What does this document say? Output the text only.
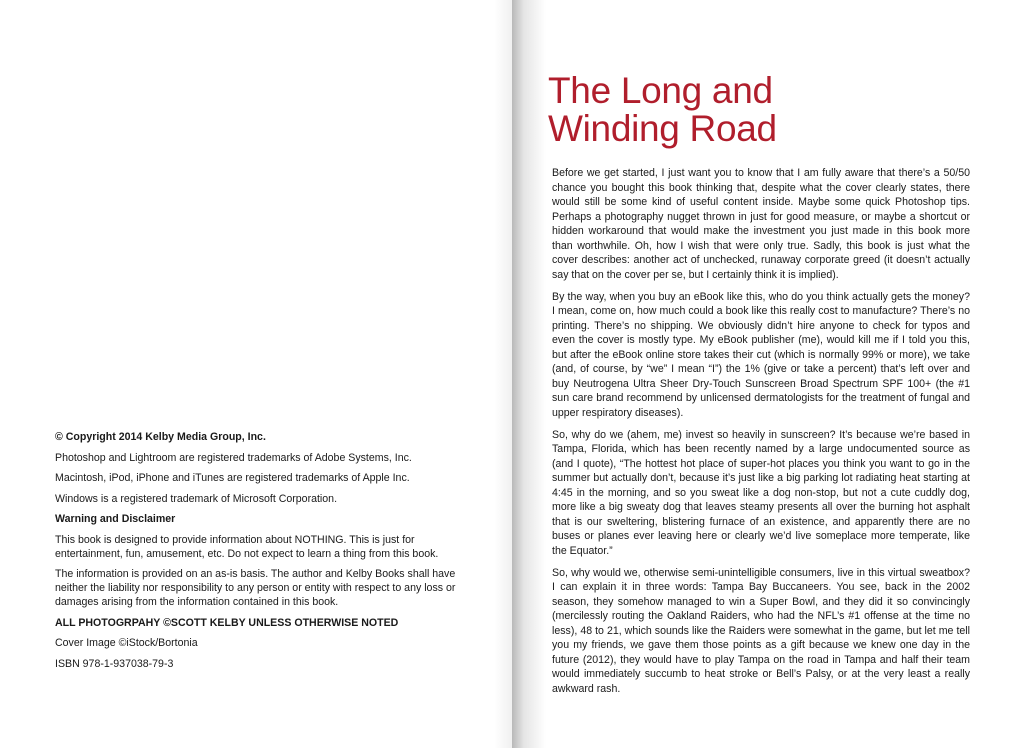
© Copyright 2014 Kelby Media Group, Inc.

Photoshop and Lightroom are registered trademarks of Adobe Systems, Inc.

Macintosh, iPod, iPhone and iTunes are registered trademarks of Apple Inc.

Windows is a registered trademark of Microsoft Corporation.

Warning and Disclaimer

This book is designed to provide information about NOTHING. This is just for entertainment, fun, amusement, etc. Do not expect to learn a thing from this book.

The information is provided on an as-is basis. The author and Kelby Books shall have neither the liability nor responsibility to any person or entity with respect to any loss or damages arising from the information contained in this book.

ALL PHOTOGRPAHY ©SCOTT KELBY UNLESS OTHERWISE NOTED

Cover Image ©iStock/Bortonia

ISBN 978-1-937038-79-3

The Long and
Winding Road

Before we get started, I just want you to know that I am fully aware that there’s a 50/50 chance you bought this book thinking that, despite what the cover clearly states, there would still be some kind of useful content inside. Maybe some quick Photoshop tips. Perhaps a photography nugget thrown in just for good measure, or maybe a shortcut or hidden workaround that would make the investment you just made in this book more than worthwhile. Oh, how I wish that were only true. Sadly, this book is just what the cover describes: another act of unchecked, runaway corporate greed (it doesn’t actually say that on the cover per se, but I certainly think it is implied).

By the way, when you buy an eBook like this, who do you think actually gets the money? I mean, come on, how much could a book like this really cost to manufacture? There’s no printing. There’s no shipping. We obviously didn’t hire anyone to check for typos and even the cover is mostly type. My eBook publisher (me), would kill me if I told you this, but after the eBook online store takes their cut (which is normally 99% or more), we take (and, of course, by “we” I mean “I”) the 1% (give or take a percent) that’s left over and buy Neutrogena Ultra Sheer Dry-Touch Sunscreen Broad Spectrum SPF 100+ (the #1 sun care brand recommend by unlicensed dermatologists for the treatment of fungal and upper respiratory diseases).

So, why do we (ahem, me) invest so heavily in sunscreen? It’s because we’re based in Tampa, Florida, which has been recently named by a large undocumented source as (and I quote), “The hottest hot place of super-hot places you think you want to go in the summer but actually don’t, because it’s just like a big parking lot radiating heat starting at 4:45 in the morning, and so you sweat like a dog non-stop, but not a cute cuddly dog, more like a big sweaty dog that leaves steamy presents all over the burning hot asphalt that is our sweltering, blistering furnace of an existence, and apparently there are no buses or planes ever leaving here or clearly we’d live someplace more temperate, like the Equator.”

So, why would we, otherwise semi-unintelligible consumers, live in this virtual sweatbox? I can explain it in three words: Tampa Bay Buccaneers. You see, back in the 2002 season, they somehow managed to win a Super Bowl, and they did it so convincingly (mercilessly routing the Oakland Raiders, who had the NFL’s #1 offense at the time no less), 48 to 21, which sounds like the Raiders were somewhat in the game, but let me tell you my friends, we gave them those points as a gift because we knew one day in the future (2012), they would have to play Tampa on the road in Tampa and half their team would immediately succumb to heat stroke or Bell’s Palsy, or at the very least a really awkward rash.
